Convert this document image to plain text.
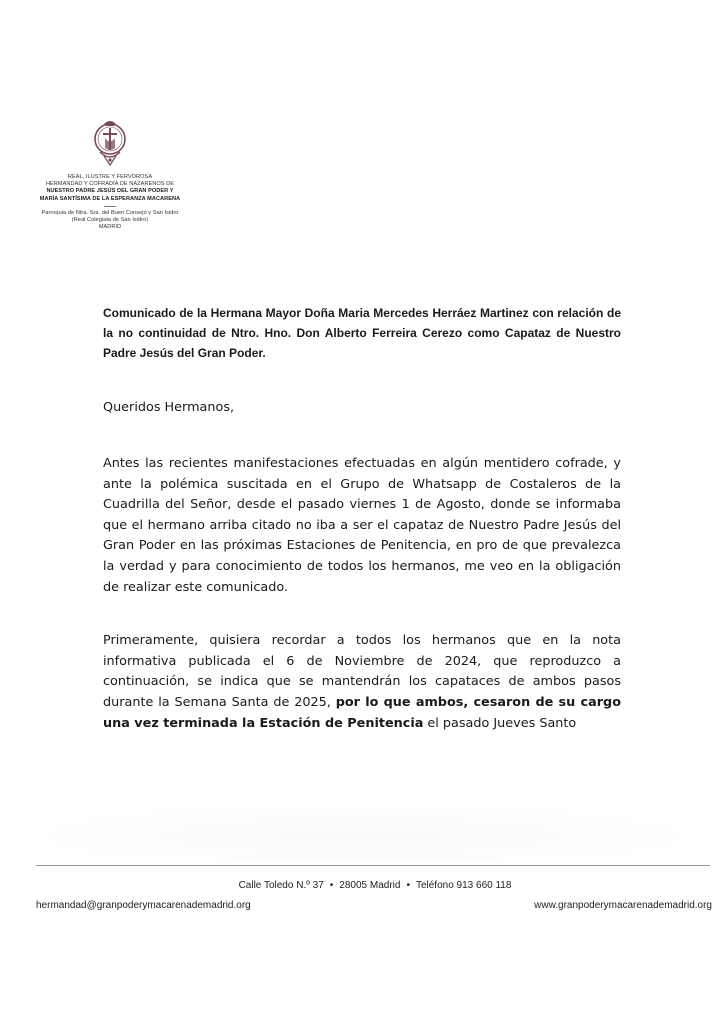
REAL, ILUSTRE Y FERVOROSA
HERMANDAD Y COFRADÍA DE NAZARENOS DE
NUESTRO PADRE JESÚS DEL GRAN PODER Y
MARÍA SANTÍSIMA DE LA ESPERANZA MACARENA
Parroquia de Ntra. Sra. del Buen Consejo y San Isidro
(Real Colegiata de San Isidro)
MADRID

Comunicado de la Hermana Mayor Doña Maria Mercedes Herráez Martinez con relación de la no continuidad de Ntro. Hno. Don Alberto Ferreira Cerezo como Capataz de Nuestro Padre Jesús del Gran Poder.

Queridos Hermanos,

Antes las recientes manifestaciones efectuadas en algún mentidero cofrade, y ante la polémica suscitada en el Grupo de Whatsapp de Costaleros de la Cuadrilla del Señor, desde el pasado viernes 1 de Agosto, donde se informaba que el hermano arriba citado no iba a ser el capataz de Nuestro Padre Jesús del Gran Poder en las próximas Estaciones de Penitencia, en pro de que prevalezca la verdad y para conocimiento de todos los hermanos, me veo en la obligación de realizar este comunicado.

Primeramente, quisiera recordar a todos los hermanos que en la nota informativa publicada el 6 de Noviembre de 2024, que reproduzco a continuación, se indica que se mantendrán los capataces de ambos pasos durante la Semana Santa de 2025, por lo que ambos, cesaron de su cargo una vez terminada la Estación de Penitencia el pasado Jueves Santo

Calle Toledo N.º 37 • 28005 Madrid • Teléfono 913 660 118
hermandad@granpoderymacarenademadrid.org	www.granpoderymacarenademadrid.org
